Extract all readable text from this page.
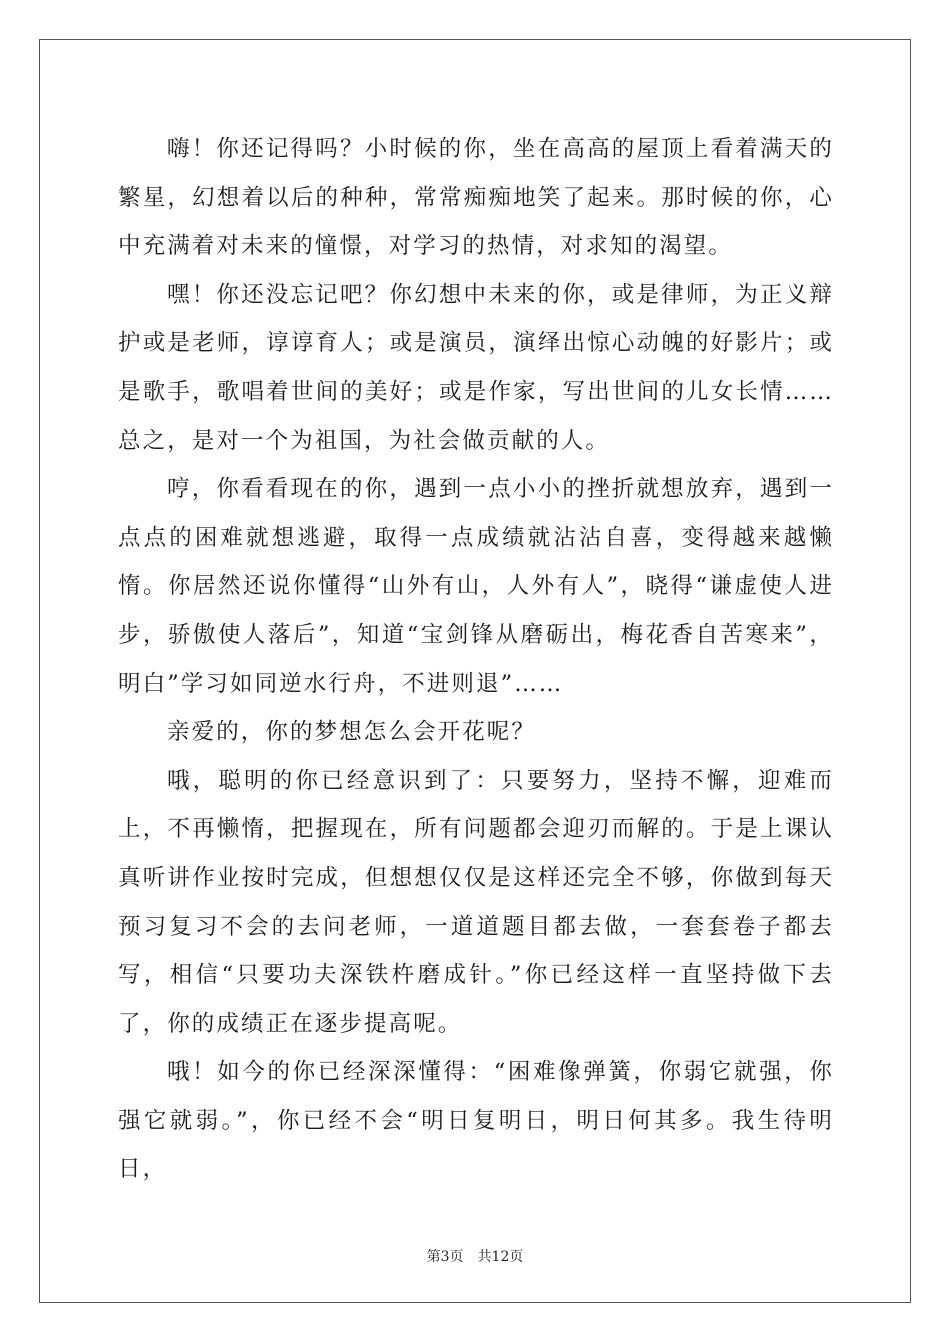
嗨！你还记得吗？小时候的你，坐在高高的屋顶上看着满天的繁星，幻想着以后的种种，常常痴痴地笑了起来。那时候的你，心中充满着对未来的憧憬，对学习的热情，对求知的渴望。

嘿！你还没忘记吧？你幻想中未来的你，或是律师，为正义辩护或是老师，谆谆育人；或是演员，演绎出惊心动魄的好影片；或是歌手，歌唱着世间的美好；或是作家，写出世间的儿女长情……总之，是对一个为祖国，为社会做贡献的人。

哼，你看看现在的你，遇到一点小小的挫折就想放弃，遇到一点点的困难就想逃避，取得一点成绩就沾沾自喜，变得越来越懒惰。你居然还说你懂得“山外有山，人外有人”，晓得“谦虚使人进步，骄傲使人落后”，知道“宝剑锋从磨砺出，梅花香自苦寒来”，明白”学习如同逆水行舟，不进则退”……

亲爱的，你的梦想怎么会开花呢？

哦，聪明的你已经意识到了：只要努力，坚持不懈，迎难而上，不再懒惰，把握现在，所有问题都会迎刃而解的。于是上课认真听讲作业按时完成，但想想仅仅是这样还完全不够，你做到每天预习复习不会的去问老师，一道道题目都去做，一套套卷子都去写，相信“只要功夫深铁杵磨成针。”你已经这样一直坚持做下去了，你的成绩正在逐步提高呢。

哦！如今的你已经深深懂得：“困难像弹簧，你弱它就强，你强它就弱。”，你已经不会“明日复明日，明日何其多。我生待明日，

第3页 共12页
